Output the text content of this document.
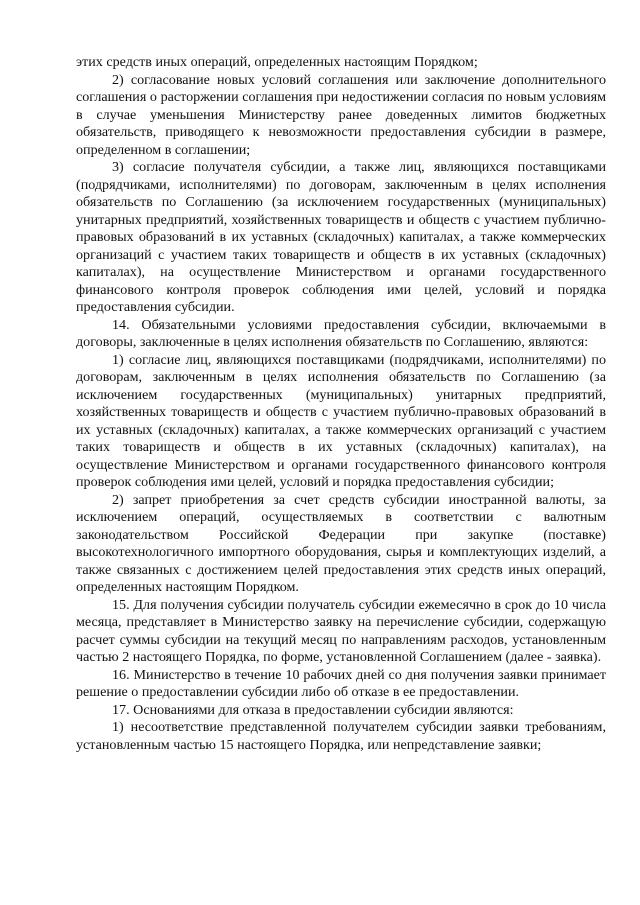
этих средств иных операций, определенных настоящим Порядком;

2) согласование новых условий соглашения или заключение дополнительного соглашения о расторжении соглашения при недостижении согласия по новым условиям в случае уменьшения Министерству ранее доведенных лимитов бюджетных обязательств, приводящего к невозможности предоставления субсидии в размере, определенном в соглашении;

3) согласие получателя субсидии, а также лиц, являющихся поставщиками (подрядчиками, исполнителями) по договорам, заключенным в целях исполнения обязательств по Соглашению (за исключением государственных (муниципальных) унитарных предприятий, хозяйственных товариществ и обществ с участием публично-правовых образований в их уставных (складочных) капиталах, а также коммерческих организаций с участием таких товариществ и обществ в их уставных (складочных) капиталах), на осуществление Министерством и органами государственного финансового контроля проверок соблюдения ими целей, условий и порядка предоставления субсидии.

14. Обязательными условиями предоставления субсидии, включаемыми в договоры, заключенные в целях исполнения обязательств по Соглашению, являются:

1) согласие лиц, являющихся поставщиками (подрядчиками, исполнителями) по договорам, заключенным в целях исполнения обязательств по Соглашению (за исключением государственных (муниципальных) унитарных предприятий, хозяйственных товариществ и обществ с участием публично-правовых образований в их уставных (складочных) капиталах, а также коммерческих организаций с участием таких товариществ и обществ в их уставных (складочных) капиталах), на осуществление Министерством и органами государственного финансового контроля проверок соблюдения ими целей, условий и порядка предоставления субсидии;

2) запрет приобретения за счет средств субсидии иностранной валюты, за исключением операций, осуществляемых в соответствии с валютным законодательством Российской Федерации при закупке (поставке) высокотехнологичного импортного оборудования, сырья и комплектующих изделий, а также связанных с достижением целей предоставления этих средств иных операций, определенных настоящим Порядком.

15. Для получения субсидии получатель субсидии ежемесячно в срок до 10 числа месяца, представляет в Министерство заявку на перечисление субсидии, содержащую расчет суммы субсидии на текущий месяц по направлениям расходов, установленным частью 2 настоящего Порядка, по форме, установленной Соглашением (далее - заявка).

16. Министерство в течение 10 рабочих дней со дня получения заявки принимает решение о предоставлении субсидии либо об отказе в ее предоставлении.

17. Основаниями для отказа в предоставлении субсидии являются:

1) несоответствие представленной получателем субсидии заявки требованиям, установленным частью 15 настоящего Порядка, или непредставление заявки;
